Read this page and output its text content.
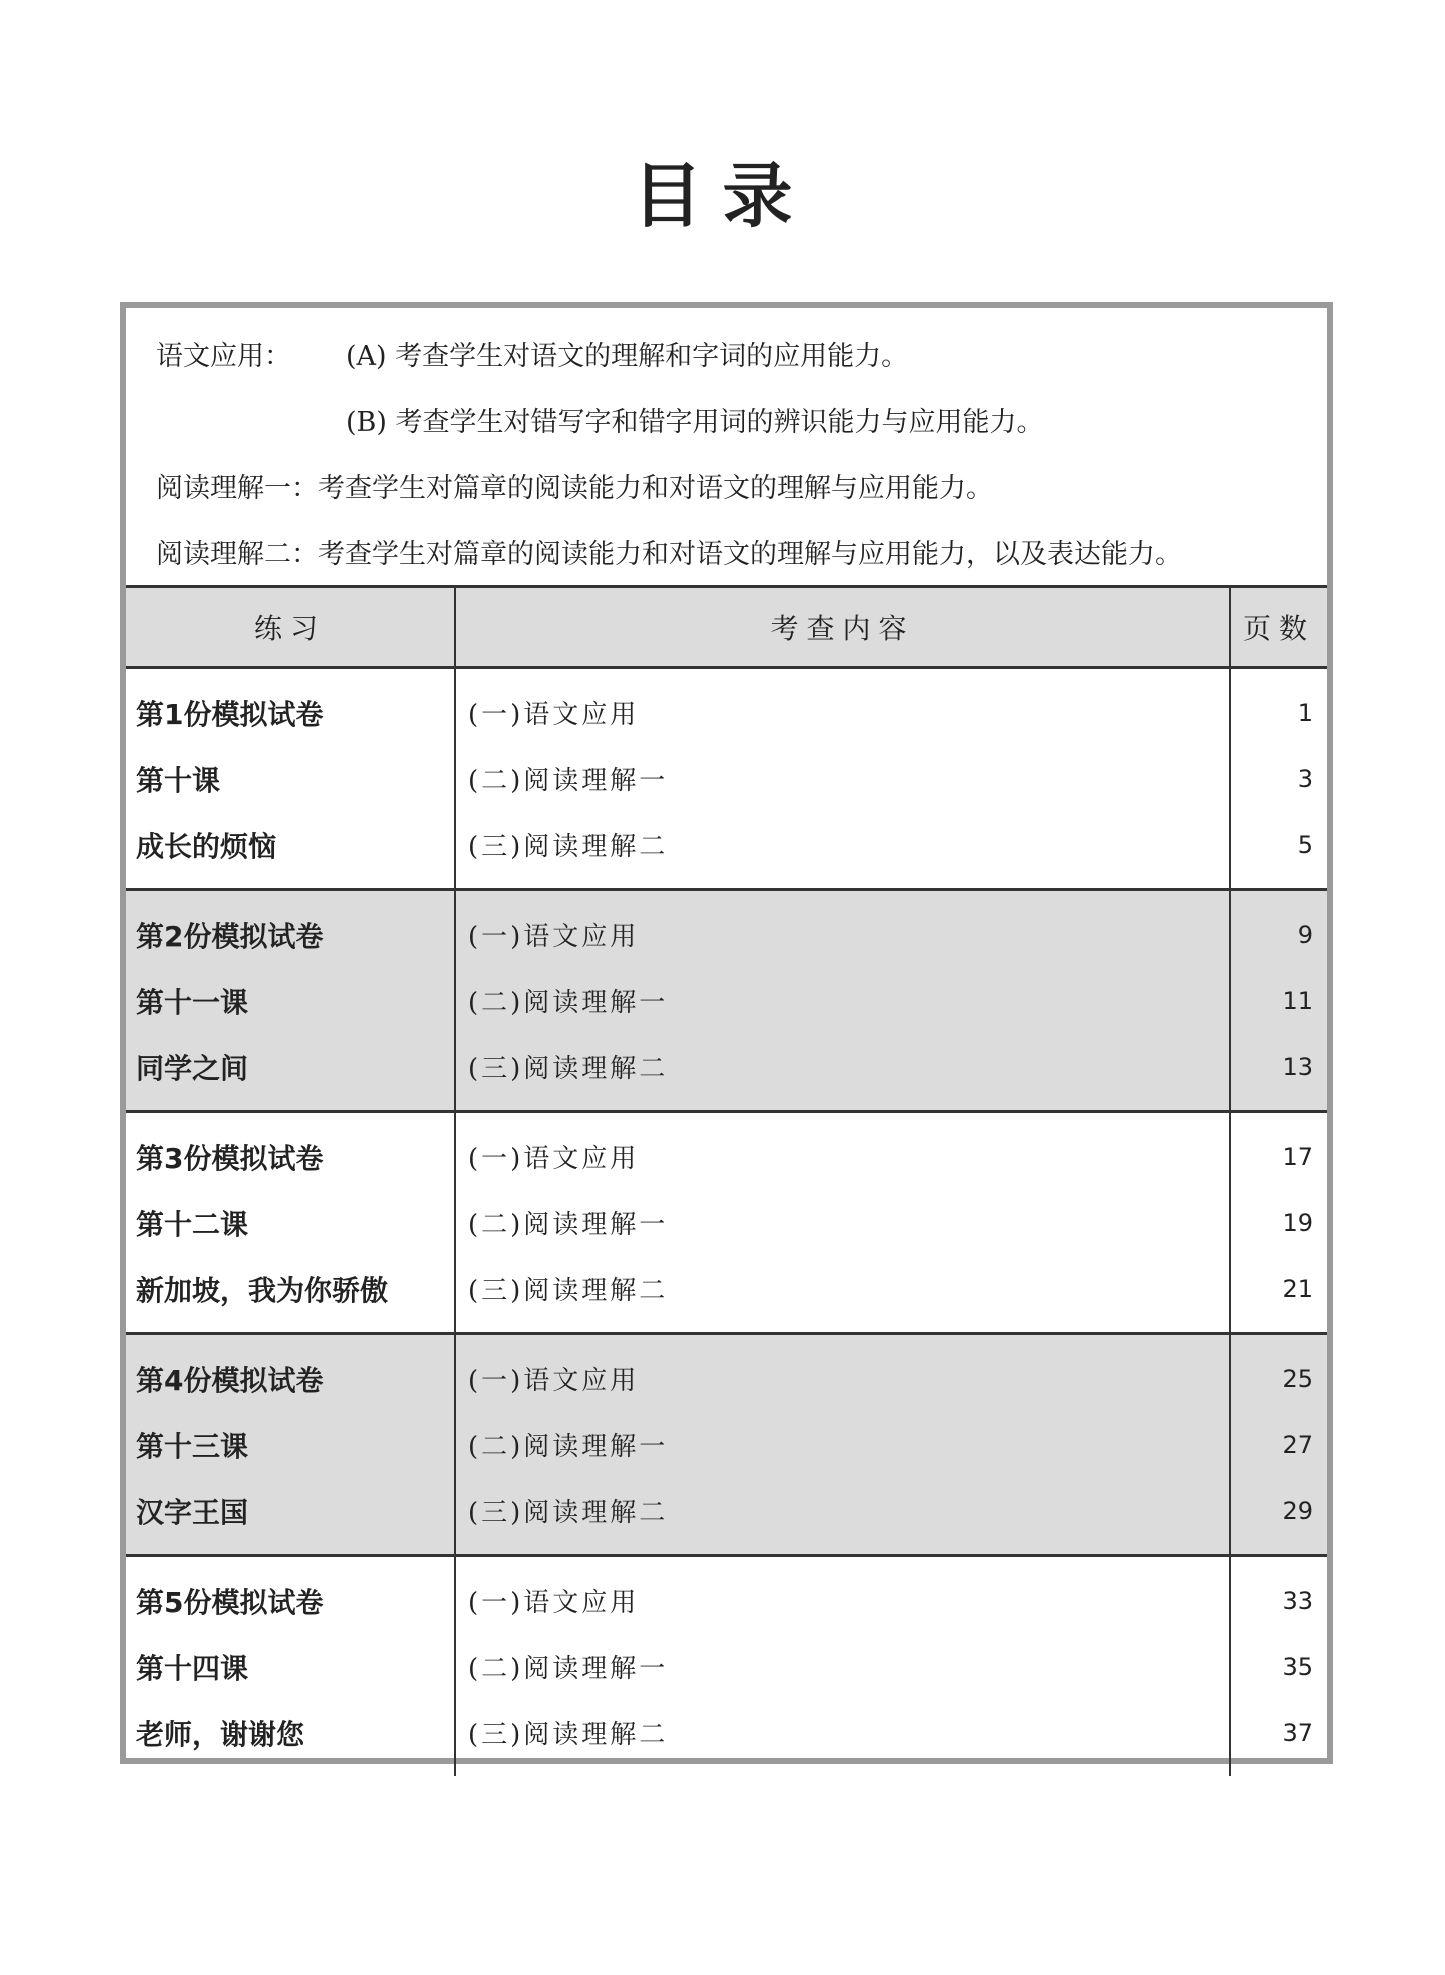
目录
语文应用： (A) 考查学生对语文的理解和字词的应用能力。
(B) 考查学生对错写字和错字用词的辨识能力与应用能力。
阅读理解一：考查学生对篇章的阅读能力和对语文的理解与应用能力。
阅读理解二：考查学生对篇章的阅读能力和对语文的理解与应用能力，以及表达能力。
练习	考查内容	页数
第1份模拟试卷
第十课
成长的烦恼
(一)语文应用
(二)阅读理解一
(三)阅读理解二
1
3
5
第2份模拟试卷
第十一课
同学之间
(一)语文应用
(二)阅读理解一
(三)阅读理解二
9
11
13
第3份模拟试卷
第十二课
新加坡，我为你骄傲
(一)语文应用
(二)阅读理解一
(三)阅读理解二
17
19
21
第4份模拟试卷
第十三课
汉字王国
(一)语文应用
(二)阅读理解一
(三)阅读理解二
25
27
29
第5份模拟试卷
第十四课
老师，谢谢您
(一)语文应用
(二)阅读理解一
(三)阅读理解二
33
35
37
